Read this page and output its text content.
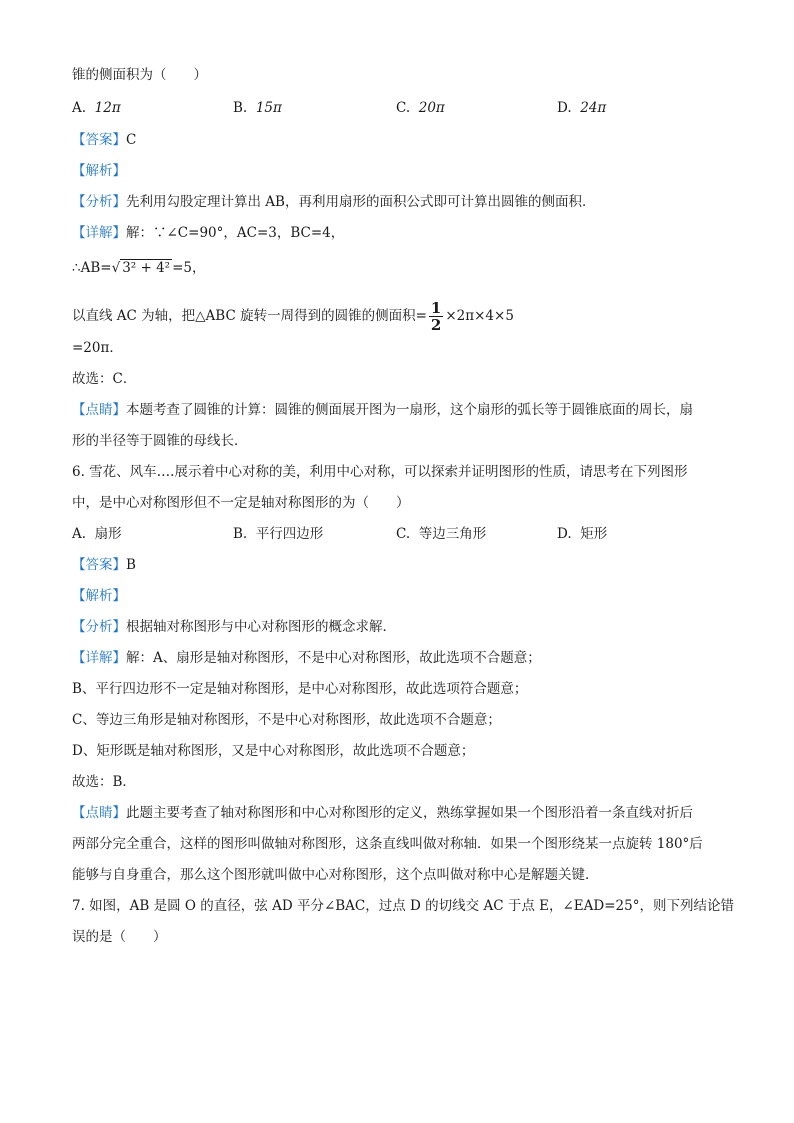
锥的侧面积为（　　）
A. 12π	B. 15π	C. 20π	D. 24π
【答案】C
【解析】
【分析】先利用勾股定理计算出 AB，再利用扇形的面积公式即可计算出圆锥的侧面积．
【详解】解：∵∠C=90°，AC=3，BC=4，
∴AB=√ 3² + 4² =5，
以直线 AC 为轴，把△ABC 旋转一周得到的圆锥的侧面积= $\frac{1}{2} \times 2\pi\times 4\times 5$
=20π．
故选：C．
【点睛】本题考查了圆锥的计算：圆锥的侧面展开图为一扇形，这个扇形的弧长等于圆锥底面的周长，扇
形的半径等于圆锥的母线长．
6. 雪花、风车….展示着中心对称的美，利用中心对称，可以探索并证明图形的性质，请思考在下列图形
中，是中心对称图形但不一定是轴对称图形的为（　　）
A. 扇形	B. 平行四边形	C. 等边三角形	D. 矩形
【答案】B
【解析】
【分析】根据轴对称图形与中心对称图形的概念求解．
【详解】解：A、扇形是轴对称图形，不是中心对称图形，故此选项不合题意；
B、平行四边形不一定是轴对称图形，是中心对称图形，故此选项符合题意；
C、等边三角形是轴对称图形，不是中心对称图形，故此选项不合题意；
D、矩形既是轴对称图形，又是中心对称图形，故此选项不合题意；
故选：B．
【点睛】此题主要考查了轴对称图形和中心对称图形的定义，熟练掌握如果一个图形沿着一条直线对折后
两部分完全重合，这样的图形叫做轴对称图形，这条直线叫做对称轴．如果一个图形绕某一点旋转 180°后
能够与自身重合，那么这个图形就叫做中心对称图形，这个点叫做对称中心是解题关键．
7. 如图，AB 是圆 O 的直径，弦 AD 平分∠BAC，过点 D 的切线交 AC 于点 E，∠EAD=25°，则下列结论错
误的是（　　）
